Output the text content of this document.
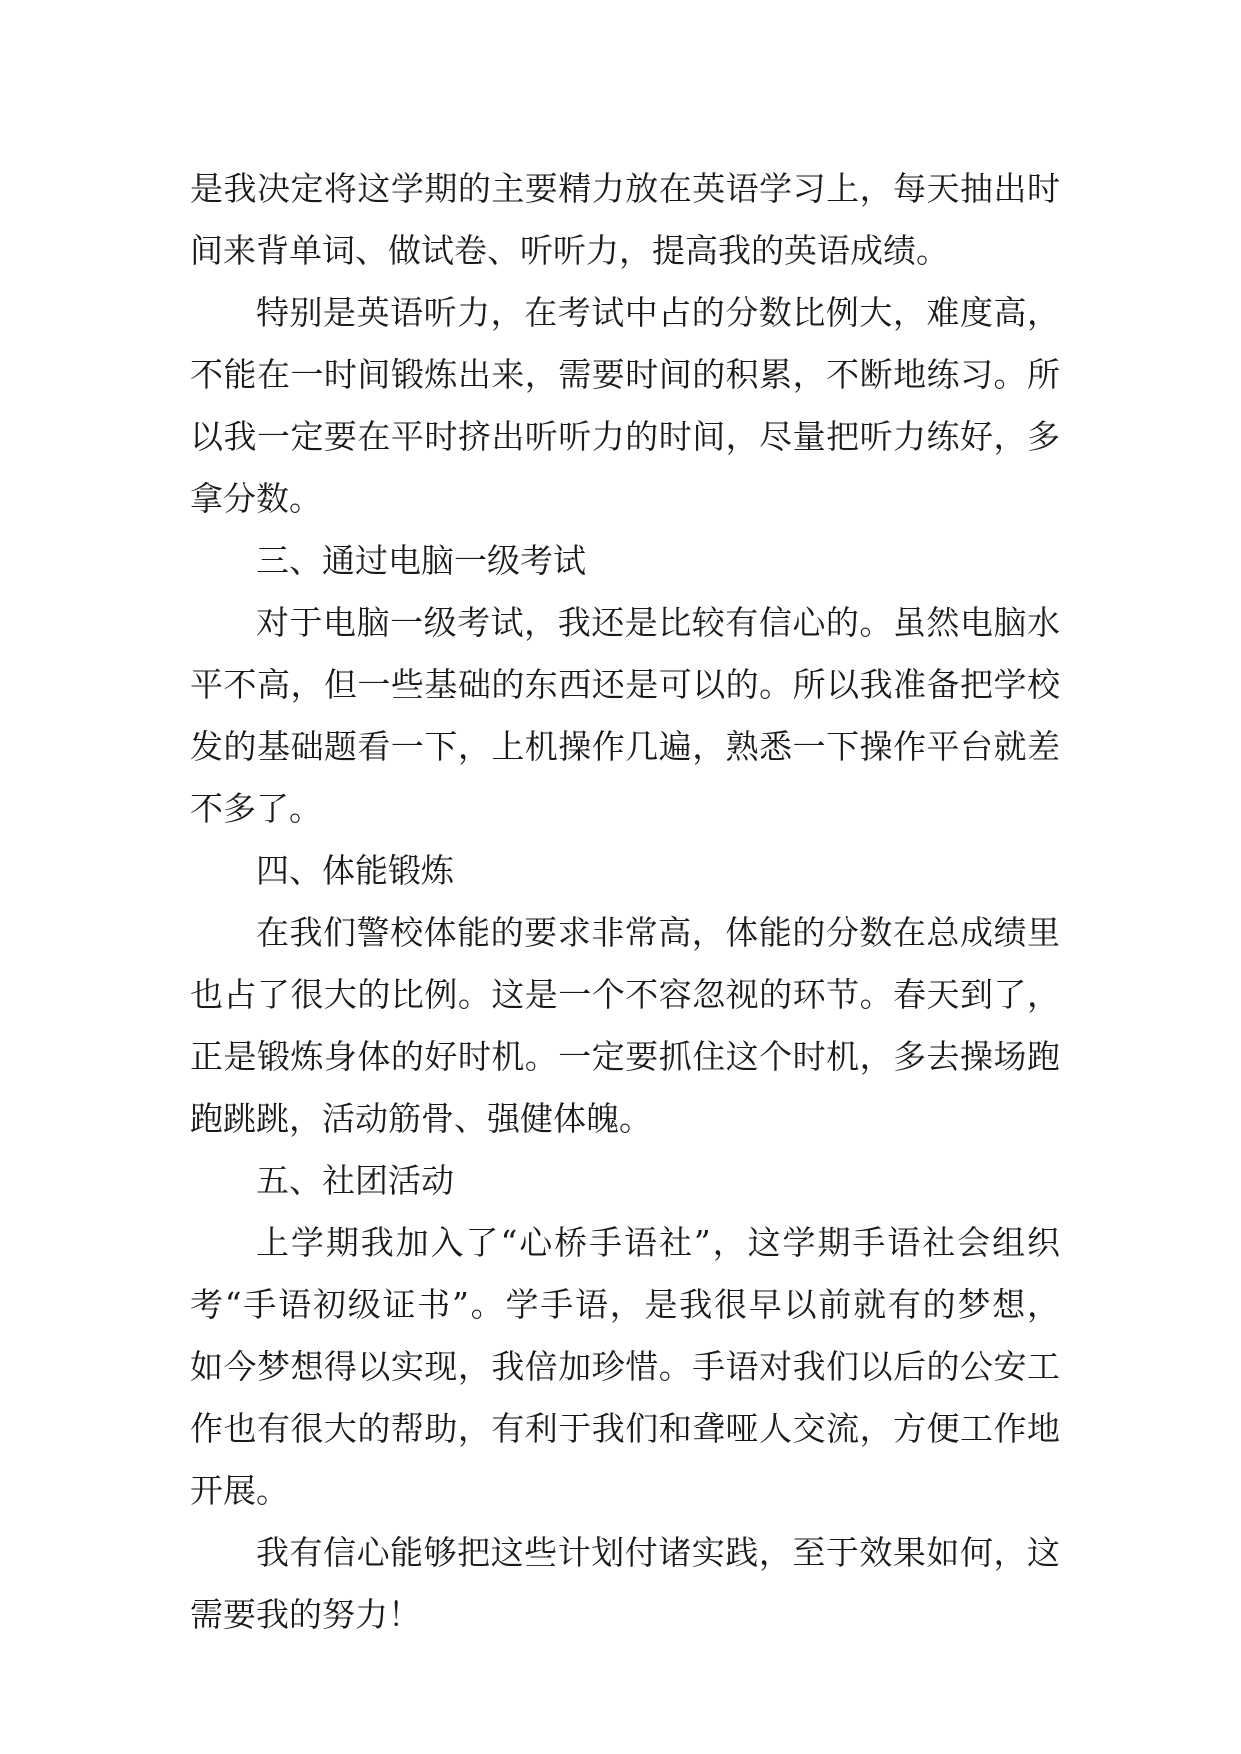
是我决定将这学期的主要精力放在英语学习上，每天抽出时
间来背单词、做试卷、听听力，提高我的英语成绩。
特别是英语听力，在考试中占的分数比例大，难度高，
不能在一时间锻炼出来，需要时间的积累，不断地练习。所
以我一定要在平时挤出听听力的时间，尽量把听力练好，多
拿分数。
三、通过电脑一级考试
对于电脑一级考试，我还是比较有信心的。虽然电脑水
平不高，但一些基础的东西还是可以的。所以我准备把学校
发的基础题看一下，上机操作几遍，熟悉一下操作平台就差
不多了。
四、体能锻炼
在我们警校体能的要求非常高，体能的分数在总成绩里
也占了很大的比例。这是一个不容忽视的环节。春天到了，
正是锻炼身体的好时机。一定要抓住这个时机，多去操场跑
跑跳跳，活动筋骨、强健体魄。
五、社团活动
上学期我加入了“心桥手语社”，这学期手语社会组织
考“手语初级证书”。学手语，是我很早以前就有的梦想，
如今梦想得以实现，我倍加珍惜。手语对我们以后的公安工
作也有很大的帮助，有利于我们和聋哑人交流，方便工作地
开展。
我有信心能够把这些计划付诸实践，至于效果如何，这
需要我的努力！
